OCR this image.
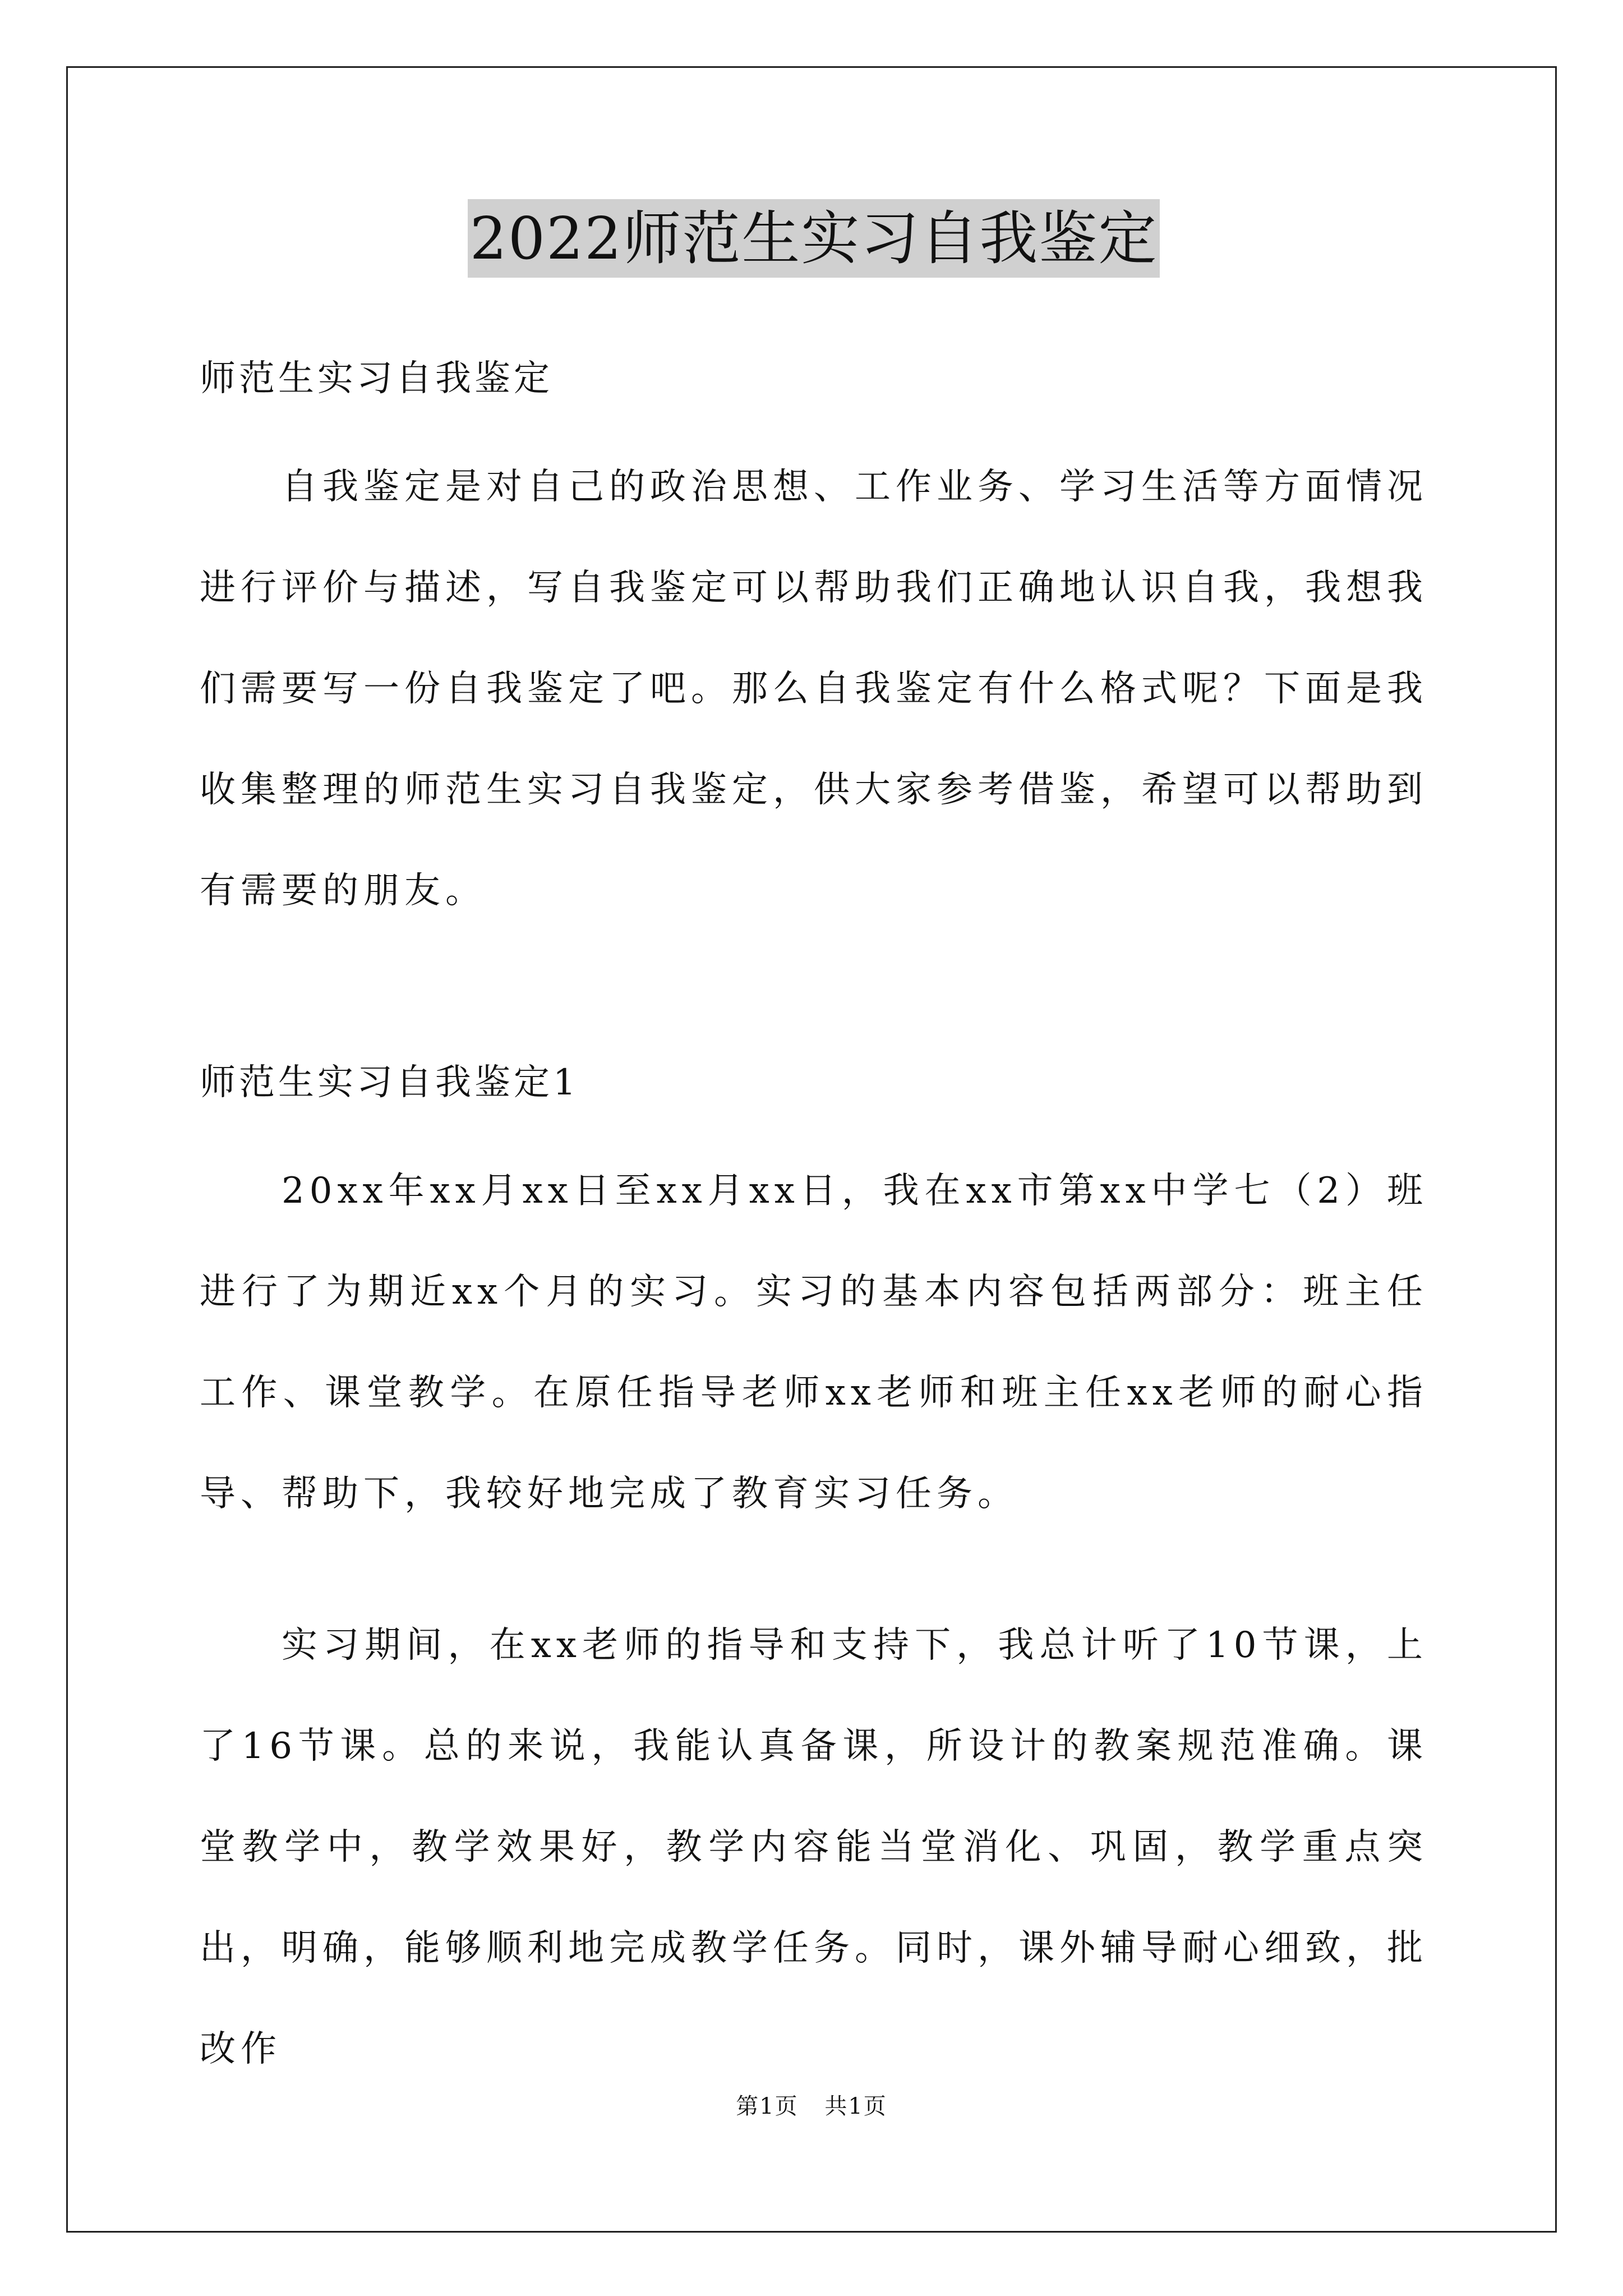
2022师范生实习自我鉴定

师范生实习自我鉴定

自我鉴定是对自己的政治思想、工作业务、学习生活等方面情况进行评价与描述，写自我鉴定可以帮助我们正确地认识自我，我想我们需要写一份自我鉴定了吧。那么自我鉴定有什么格式呢？下面是我收集整理的师范生实习自我鉴定，供大家参考借鉴，希望可以帮助到有需要的朋友。

师范生实习自我鉴定1

20xx年xx月xx日至xx月xx日，我在xx市第xx中学七（2）班进行了为期近xx个月的实习。实习的基本内容包括两部分：班主任工作、课堂教学。在原任指导老师xx老师和班主任xx老师的耐心指导、帮助下，我较好地完成了教育实习任务。

实习期间，在xx老师的指导和支持下，我总计听了10节课，上了16节课。总的来说，我能认真备课，所设计的教案规范准确。课堂教学中，教学效果好，教学内容能当堂消化、巩固，教学重点突出，明确，能够顺利地完成教学任务。同时，课外辅导耐心细致，批改作

第1页 共1页
